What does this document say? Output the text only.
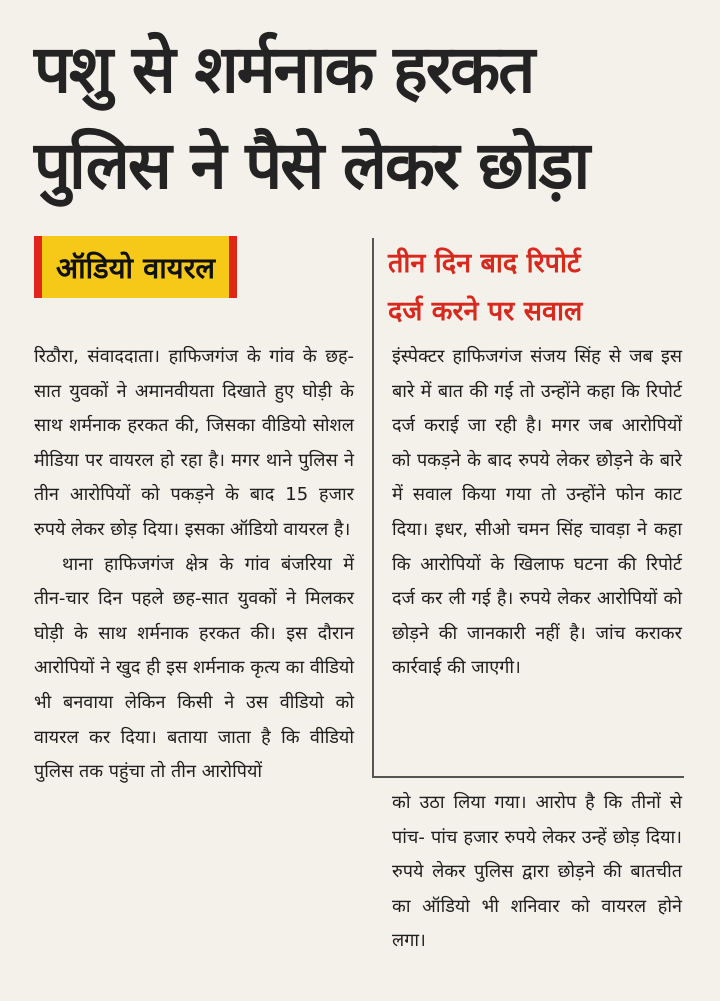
पशु से शर्मनाक हरकत
पुलिस ने पैसे लेकर छोड़ा
ऑडियो वायरल	तीन दिन बाद रिपोर्ट
दर्ज करने पर सवाल

रिठौरा, संवाददाता। हाफिजगंज के गांव के छह-सात युवकों ने अमानवीयता दिखाते हुए घोड़ी के साथ शर्मनाक हरकत की, जिसका वीडियो सोशल मीडिया पर वायरल हो रहा है। मगर थाने पुलिस ने तीन आरोपियों को पकड़ने के बाद 15 हजार रुपये लेकर छोड़ दिया। इसका ऑडियो वायरल है।

थाना हाफिजगंज क्षेत्र के गांव बंजरिया में तीन-चार दिन पहले छह-सात युवकों ने मिलकर घोड़ी के साथ शर्मनाक हरकत की। इस दौरान आरोपियों ने खुद ही इस शर्मनाक कृत्य का वीडियो भी बनवाया लेकिन किसी ने उस वीडियो को वायरल कर दिया। बताया जाता है कि वीडियो पुलिस तक पहुंचा तो तीन आरोपियों

इंस्पेक्टर हाफिजगंज संजय सिंह से जब इस बारे में बात की गई तो उन्होंने कहा कि रिपोर्ट दर्ज कराई जा रही है। मगर जब आरोपियों को पकड़ने के बाद रुपये लेकर छोड़ने के बारे में सवाल किया गया तो उन्होंने फोन काट दिया। इधर, सीओ चमन सिंह चावड़ा ने कहा कि आरोपियों के खिलाफ घटना की रिपोर्ट दर्ज कर ली गई है। रुपये लेकर आरोपियों को छोड़ने की जानकारी नहीं है। जांच कराकर कार्रवाई की जाएगी।

को उठा लिया गया। आरोप है कि तीनों से पांच- पांच हजार रुपये लेकर उन्हें छोड़ दिया। रुपये लेकर पुलिस द्वारा छोड़ने की बातचीत का ऑडियो भी शनिवार को वायरल होने लगा।
